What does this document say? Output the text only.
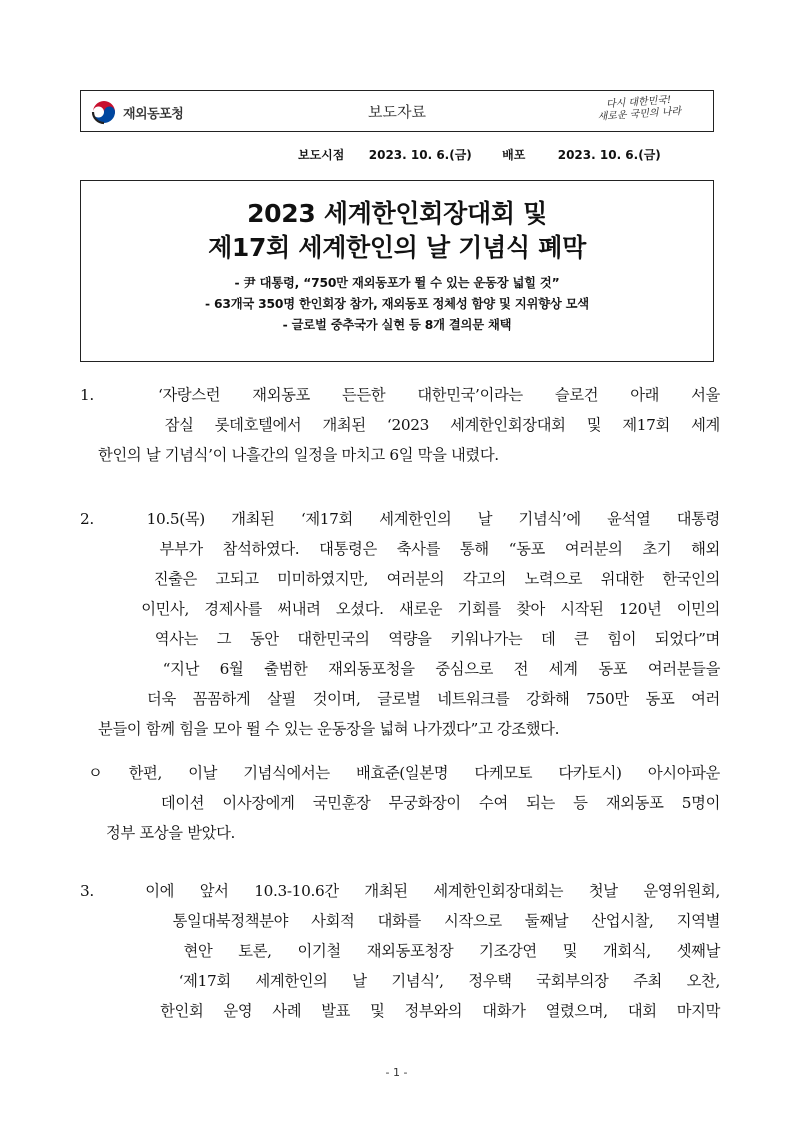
재외동포청	보도자료
다시 대한민국!
새로운 국민의 나라
보도시점 2023. 10. 6.(금)	배포	2023. 10. 6.(금)
2023 세계한인회장대회 및
제17회 세계한인의 날 기념식 폐막
- 尹 대통령, “750만 재외동포가 뛸 수 있는 운동장 넓힐 것”
- 63개국 350명 한인회장 참가, 재외동포 정체성 함양 및 지위향상 모색
- 글로벌 중추국가 실현 등 8개 결의문 채택
1.  ‘자랑스런 재외동포 든든한 대한민국’이라는 슬로건 아래 서울
잠실 롯데호텔에서 개최된 ‘2023 세계한인회장대회 및 제17회 세계
한인의 날 기념식’이 나흘간의 일정을 마치고 6일 막을 내렸다.
2.  10.5(목) 개최된 ‘제17회 세계한인의 날 기념식’에 윤석열 대통령
부부가 참석하였다. 대통령은 축사를 통해 “동포 여러분의 초기 해외
진출은 고되고 미미하였지만, 여러분의 각고의 노력으로 위대한 한국인의
이민사, 경제사를 써내려 오셨다. 새로운 기회를 찾아 시작된 120년 이민의
역사는 그 동안 대한민국의 역량을 키워나가는 데 큰 힘이 되었다”며
“지난 6월 출범한 재외동포청을 중심으로 전 세계 동포 여러분들을
더욱 꼼꼼하게 살필 것이며, 글로벌 네트워크를 강화해 750만 동포 여러
분들이 함께 힘을 모아 뛸 수 있는 운동장을 넓혀 나가겠다”고 강조했다.
ㅇ 한편, 이날 기념식에서는 배효준(일본명 다케모토 다카토시) 아시아파운
데이션 이사장에게 국민훈장 무궁화장이 수여 되는 등 재외동포 5명이
정부 포상을 받았다.
3.  이에 앞서 10.3-10.6간 개최된 세계한인회장대회는 첫날 운영위원회,
통일대북정책분야 사회적 대화를 시작으로 둘째날 산업시찰, 지역별
현안 토론, 이기철 재외동포청장 기조강연 및 개회식, 셋째날
‘제17회 세계한인의 날 기념식’, 정우택 국회부의장 주최 오찬,
한인회 운영 사례 발표 및 정부와의 대화가 열렸으며, 대회 마지막
- 1 -
